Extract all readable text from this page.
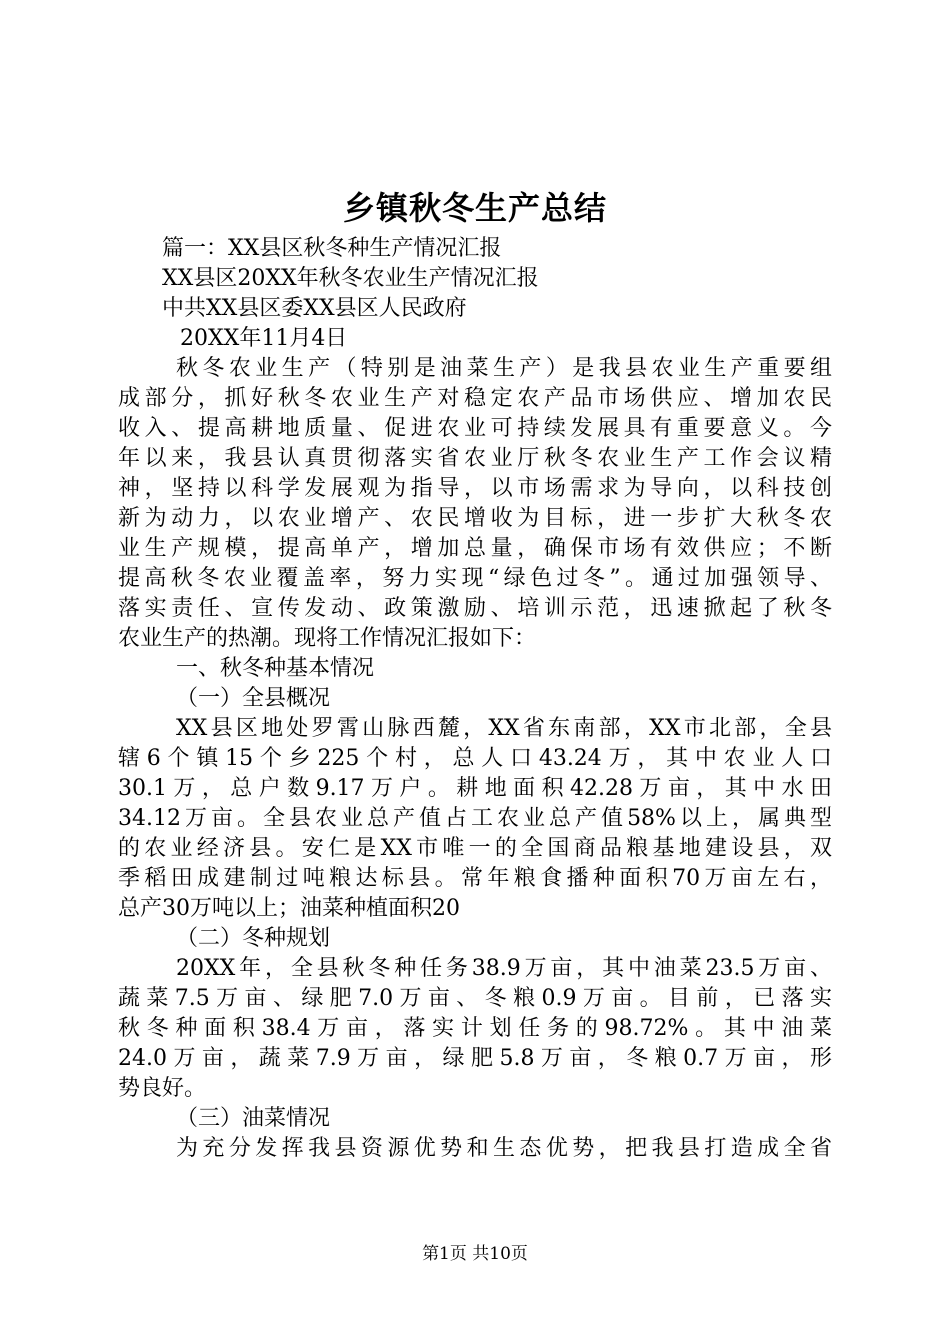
乡镇秋冬生产总结
篇一：XX县区秋冬种生产情况汇报
XX县区20XX年秋冬农业生产情况汇报
中共XX县区委XX县区人民政府
20XX年11月4日
秋冬农业生产（特别是油菜生产）是我县农业生产重要组
成部分，抓好秋冬农业生产对稳定农产品市场供应、增加农民
收入、提高耕地质量、促进农业可持续发展具有重要意义。今
年以来，我县认真贯彻落实省农业厅秋冬农业生产工作会议精
神，坚持以科学发展观为指导，以市场需求为导向，以科技创
新为动力，以农业增产、农民增收为目标，进一步扩大秋冬农
业生产规模，提高单产，增加总量，确保市场有效供应；不断
提高秋冬农业覆盖率，努力实现“绿色过冬”。通过加强领导、
落实责任、宣传发动、政策激励、培训示范，迅速掀起了秋冬
农业生产的热潮。现将工作情况汇报如下：
一、秋冬种基本情况
（一）全县概况
XX县区地处罗霄山脉西麓，XX省东南部，XX市北部，全县
辖6个镇15个乡225个村，总人口43.24万，其中农业人口
30.1万，总户数9.17万户。耕地面积42.28万亩，其中水田
34.12万亩。全县农业总产值占工农业总产值58%以上，属典型
的农业经济县。安仁是XX市唯一的全国商品粮基地建设县，双
季稻田成建制过吨粮达标县。常年粮食播种面积70万亩左右，
总产30万吨以上；油菜种植面积20
（二）冬种规划
20XX年，全县秋冬种任务38.9万亩，其中油菜23.5万亩、
蔬菜7.5万亩、绿肥7.0万亩、冬粮0.9万亩。目前，已落实
秋冬种面积38.4万亩，落实计划任务的98.72%。其中油菜
24.0万亩，蔬菜7.9万亩，绿肥5.8万亩，冬粮0.7万亩，形
势良好。
（三）油菜情况
为充分发挥我县资源优势和生态优势，把我县打造成全省
第1页 共10页
